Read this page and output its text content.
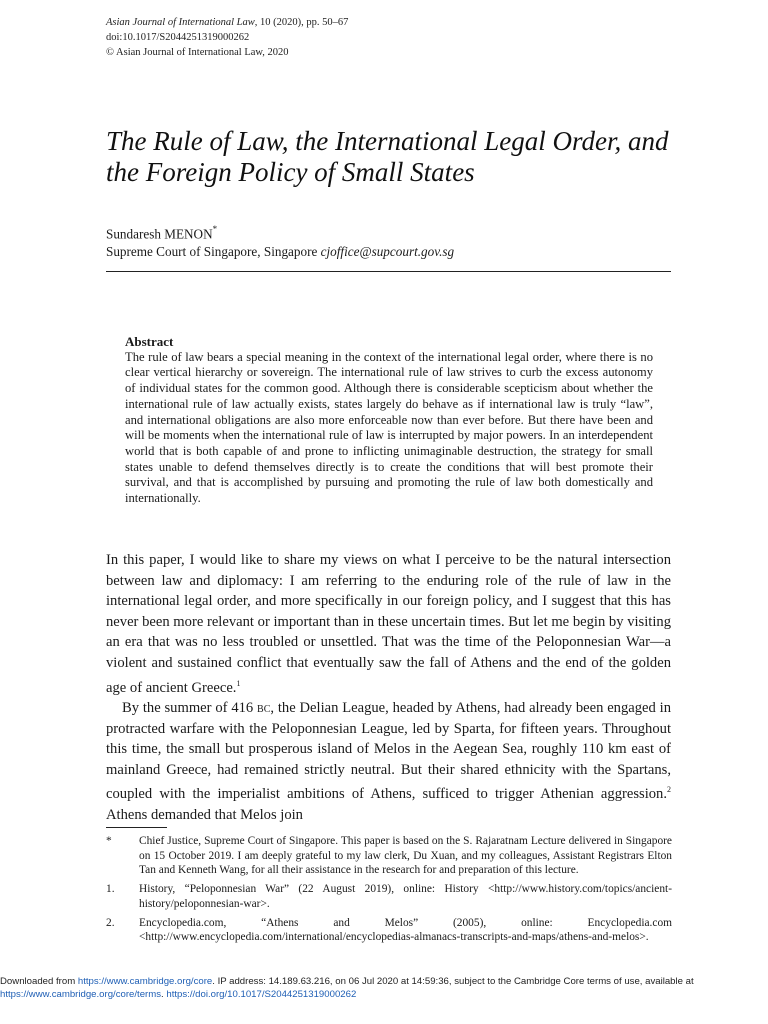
Asian Journal of International Law, 10 (2020), pp. 50–67
doi:10.1017/S2044251319000262
© Asian Journal of International Law, 2020
The Rule of Law, the International Legal Order, and the Foreign Policy of Small States
Sundaresh MENON*
Supreme Court of Singapore, Singapore cjoffice@supcourt.gov.sg

Abstract

The rule of law bears a special meaning in the context of the international legal order, where there is no clear vertical hierarchy or sovereign. The international rule of law strives to curb the excess autonomy of individual states for the common good. Although there is considerable scepticism about whether the international rule of law actually exists, states largely do behave as if international law is truly “law”, and international obligations are also more enforceable now than ever before. But there have been and will be moments when the international rule of law is interrupted by major powers. In an interdependent world that is both capable of and prone to inflicting unimaginable destruction, the strategy for small states unable to defend themselves directly is to create the conditions that will best promote their survival, and that is accomplished by pursuing and promoting the rule of law both domestically and internationally.

In this paper, I would like to share my views on what I perceive to be the natural intersection between law and diplomacy: I am referring to the enduring role of the rule of law in the international legal order, and more specifically in our foreign policy, and I suggest that this has never been more relevant or important than in these uncertain times. But let me begin by visiting an era that was no less troubled or unsettled. That was the time of the Peloponnesian War—a violent and sustained conflict that eventually saw the fall of Athens and the end of the golden age of ancient Greece.$^1$

By the summer of 416 bc, the Delian League, headed by Athens, had already been engaged in protracted warfare with the Peloponnesian League, led by Sparta, for fifteen years. Throughout this time, the small but prosperous island of Melos in the Aegean Sea, roughly 110 km east of mainland Greece, had remained strictly neutral. But their shared ethnicity with the Spartans, coupled with the imperialist ambitions of Athens, sufficed to trigger Athenian aggression.$^2$ Athens demanded that Melos join

*	Chief Justice, Supreme Court of Singapore. This paper is based on the S. Rajaratnam Lecture delivered in Singapore on 15 October 2019. I am deeply grateful to my law clerk, Du Xuan, and my colleagues, Assistant Registrars Elton Tan and Kenneth Wang, for all their assistance in the research for and preparation of this lecture.
1.	History, “Peloponnesian War” (22 August 2019), online: History <http://www.history.com/topics/ancient-history/peloponnesian-war>.
2.	Encyclopedia.com, “Athens and Melos” (2005), online: Encyclopedia.com <http://www.encyclopedia.com/international/encyclopedias-almanacs-transcripts-and-maps/athens-and-melos>.
Downloaded from https://www.cambridge.org/core. IP address: 14.189.63.216, on 06 Jul 2020 at 14:59:36, subject to the Cambridge Core terms of use, available at
https://www.cambridge.org/core/terms. https://doi.org/10.1017/S2044251319000262
